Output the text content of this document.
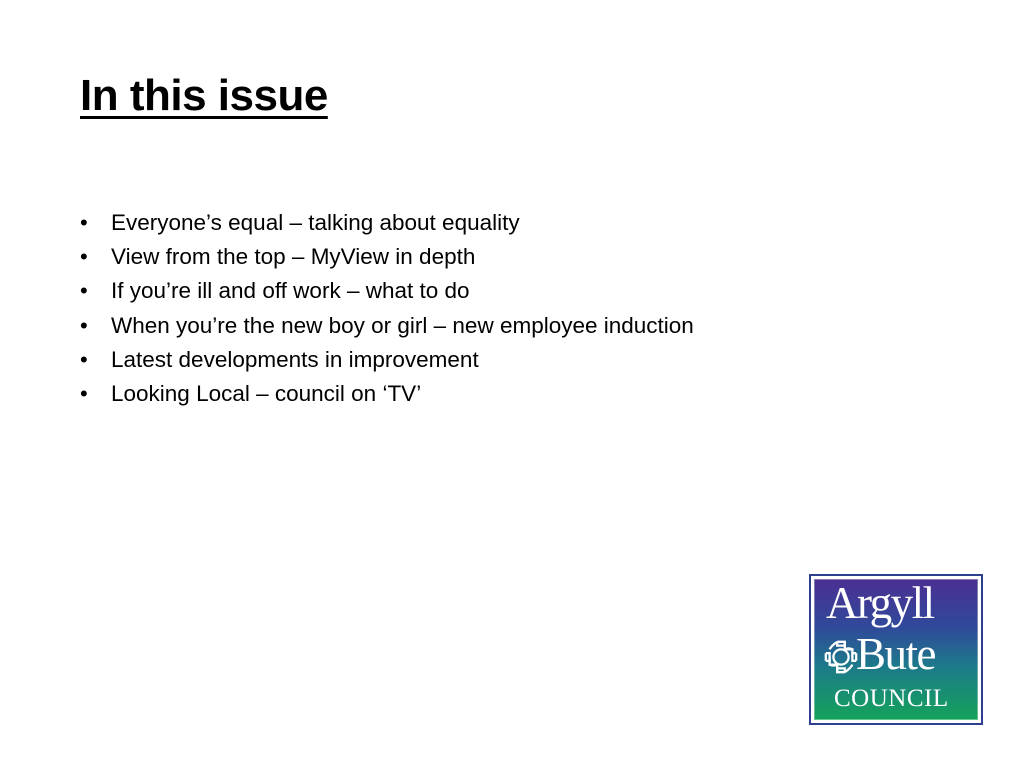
In this issue
• Everyone’s equal – talking about equality
• View from the top – MyView in depth
• If you’re ill and off work – what to do
• When you’re the new boy or girl – new employee induction
• Latest developments in improvement
• Looking Local – council on ‘TV’
Argyll
Bute
COUNCIL
